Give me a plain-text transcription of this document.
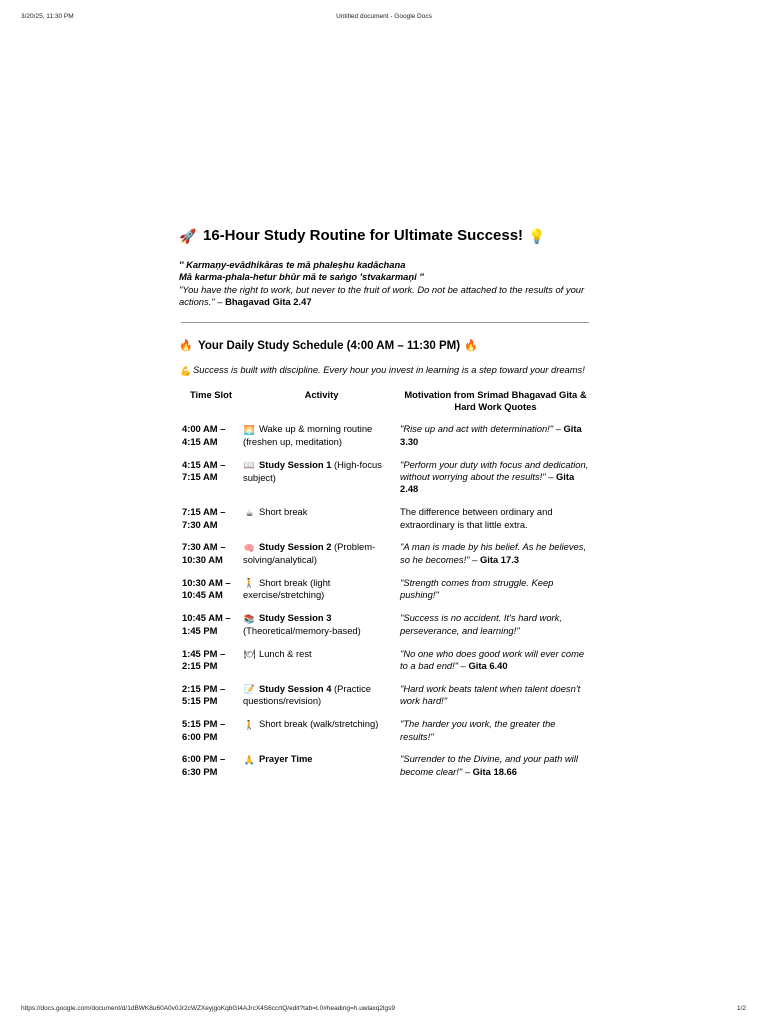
3/20/25, 11:30 PM	Untitled document - Google Docs
🚀 16-Hour Study Routine for Ultimate Success! 💡
'' Karmaṇy-evādhikāras te mā phaleṣhu kadāchana
Mā karma-phala-hetur bhūr mā te saṅgo 'stvakarmaṇi ''
"You have the right to work, but never to the fruit of work. Do not be attached to the results of your actions." – Bhagavad Gita 2.47
🔥 Your Daily Study Schedule (4:00 AM – 11:30 PM) 🔥
💪Success is built with discipline. Every hour you invest in learning is a step toward your dreams!
Time Slot	Activity	Motivation from Srimad Bhagavad Gita & Hard Work Quotes
4:00 AM – 4:15 AM	🌅 Wake up & morning routine (freshen up, meditation)	"Rise up and act with determination!" – Gita 3.30
4:15 AM – 7:15 AM	📖 Study Session 1 (High-focus subject)	"Perform your duty with focus and dedication, without worrying about the results!" – Gita 2.48
7:15 AM – 7:30 AM	☕ Short break	The difference between ordinary and extraordinary is that little extra.
7:30 AM – 10:30 AM	🧠 Study Session 2 (Problem-solving/analytical)	"A man is made by his belief. As he believes, so he becomes!" – Gita 17.3
10:30 AM – 10:45 AM	🚶 Short break (light exercise/stretching)	"Strength comes from struggle. Keep pushing!"
10:45 AM – 1:45 PM	📚 Study Session 3 (Theoretical/memory-based)	"Success is no accident. It's hard work, perseverance, and learning!"
1:45 PM – 2:15 PM	🍽 Lunch & rest	"No one who does good work will ever come to a bad end!" – Gita 6.40
2:15 PM – 5:15 PM	📝 Study Session 4 (Practice questions/revision)	"Hard work beats talent when talent doesn't work hard!"
5:15 PM – 6:00 PM	🚶 Short break (walk/stretching)	"The harder you work, the greater the results!"
6:00 PM – 6:30 PM	🙏 Prayer Time	"Surrender to the Divine, and your path will become clear!" – Gita 18.66
https://docs.google.com/document/d/1dBWK8u60A0v0Jr2cWZXeyjgoKqbGI4AJrcX4S6ccrtQ/edit?tab=t.0#heading=h.uwlaxq2lgs9	1/2
